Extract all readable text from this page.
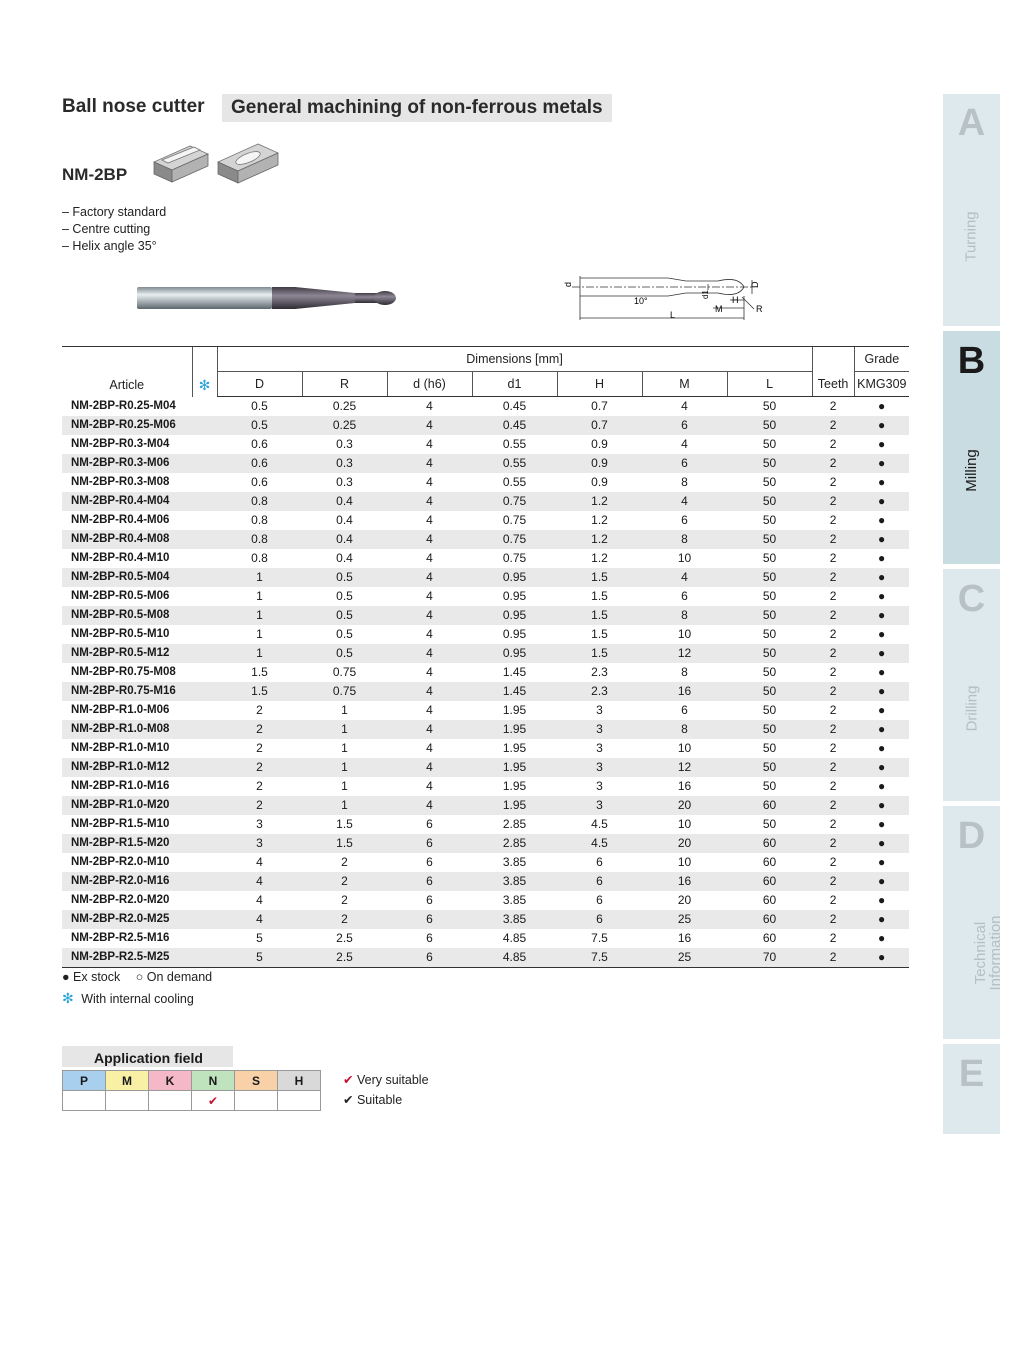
Ball nose cutter	General machining of non-ferrous metals
NM-2BP
– Factory standard
– Centre cutting
– Helix angle 35°
d
10°
d1
D
H
M	R
L
Article	✻	Dimensions [mm]								Grade
		D	R	d (h6)	d1	H	M	L	Teeth	KMG309
NM-2BP-R0.25-M04		0.5	0.25	4	0.45	0.7	4	50	2	●
NM-2BP-R0.25-M06		0.5	0.25	4	0.45	0.7	6	50	2	●
NM-2BP-R0.3-M04		0.6	0.3	4	0.55	0.9	4	50	2	●
NM-2BP-R0.3-M06		0.6	0.3	4	0.55	0.9	6	50	2	●
NM-2BP-R0.3-M08		0.6	0.3	4	0.55	0.9	8	50	2	●
NM-2BP-R0.4-M04		0.8	0.4	4	0.75	1.2	4	50	2	●
NM-2BP-R0.4-M06		0.8	0.4	4	0.75	1.2	6	50	2	●
NM-2BP-R0.4-M08		0.8	0.4	4	0.75	1.2	8	50	2	●
NM-2BP-R0.4-M10		0.8	0.4	4	0.75	1.2	10	50	2	●
NM-2BP-R0.5-M04		1	0.5	4	0.95	1.5	4	50	2	●
NM-2BP-R0.5-M06		1	0.5	4	0.95	1.5	6	50	2	●
NM-2BP-R0.5-M08		1	0.5	4	0.95	1.5	8	50	2	●
NM-2BP-R0.5-M10		1	0.5	4	0.95	1.5	10	50	2	●
NM-2BP-R0.5-M12		1	0.5	4	0.95	1.5	12	50	2	●
NM-2BP-R0.75-M08		1.5	0.75	4	1.45	2.3	8	50	2	●
NM-2BP-R0.75-M16		1.5	0.75	4	1.45	2.3	16	50	2	●
NM-2BP-R1.0-M06		2	1	4	1.95	3	6	50	2	●
NM-2BP-R1.0-M08		2	1	4	1.95	3	8	50	2	●
NM-2BP-R1.0-M10		2	1	4	1.95	3	10	50	2	●
NM-2BP-R1.0-M12		2	1	4	1.95	3	12	50	2	●
NM-2BP-R1.0-M16		2	1	4	1.95	3	16	50	2	●
NM-2BP-R1.0-M20		2	1	4	1.95	3	20	60	2	●
NM-2BP-R1.5-M10		3	1.5	6	2.85	4.5	10	50	2	●
NM-2BP-R1.5-M20		3	1.5	6	2.85	4.5	20	60	2	●
NM-2BP-R2.0-M10		4	2	6	3.85	6	10	60	2	●
NM-2BP-R2.0-M16		4	2	6	3.85	6	16	60	2	●
NM-2BP-R2.0-M20		4	2	6	3.85	6	20	60	2	●
NM-2BP-R2.0-M25		4	2	6	3.85	6	25	60	2	●
NM-2BP-R2.5-M16		5	2.5	6	4.85	7.5	16	60	2	●
NM-2BP-R2.5-M25		5	2.5	6	4.85	7.5	25	70	2	●
● Ex stock ○ On demand
✻ With internal cooling
Application field
P	M	K	N	S	H
			✔		
✔ Very suitable
✔ Suitable
A
Turning
B
Milling
C
Drilling
D
Technical Information
E
